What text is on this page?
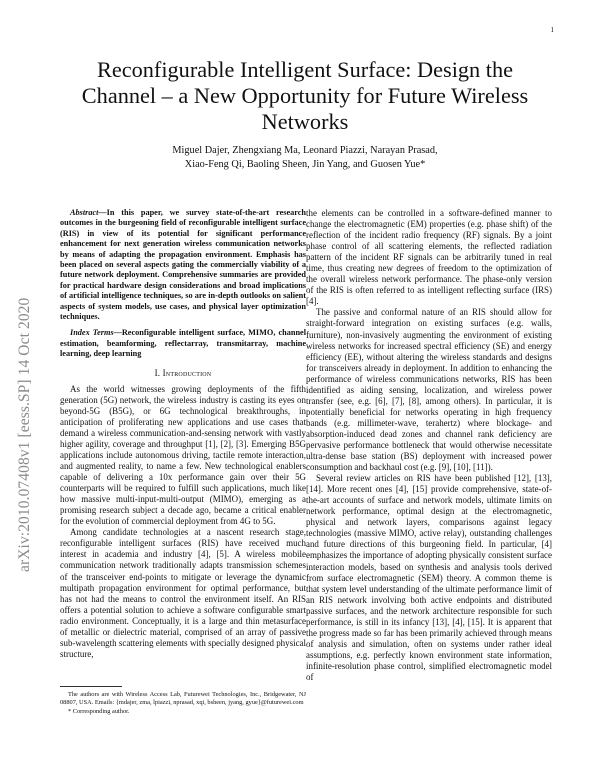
1
arXiv:2010.07408v1 [eess.SP] 14 Oct 2020
Reconfigurable Intelligent Surface: Design the
Channel – a New Opportunity for Future Wireless
Networks
Miguel Dajer, Zhengxiang Ma, Leonard Piazzi, Narayan Prasad,
Xiao-Feng Qi, Baoling Sheen, Jin Yang, and Guosen Yue*

Abstract—In this paper, we survey state-of-the-art research outcomes in the burgeoning field of reconfigurable intelligent surface (RIS) in view of its potential for significant performance enhancement for next generation wireless communication networks by means of adapting the propagation environment. Emphasis has been placed on several aspects gating the commercially viability of a future network deployment. Comprehensive summaries are provided for practical hardware design considerations and broad implications of artificial intelligence techniques, so are in-depth outlooks on salient aspects of system models, use cases, and physical layer optimization techniques.

Index Terms—Reconfigurable intelligent surface, MIMO, channel estimation, beamforming, reflectarray, transmitarray, machine learning, deep learning

I. Introduction

As the world witnesses growing deployments of the fifth generation (5G) network, the wireless industry is casting its eyes on beyond-5G (B5G), or 6G technological breakthroughs, in anticipation of proliferating new applications and use cases that demand a wireless communication-and-sensing network with vastly higher agility, coverage and throughput [1], [2], [3]. Emerging B5G applications include autonomous driving, tactile remote interaction, and augmented reality, to name a few. New technological enablers capable of delivering a 10x performance gain over their 5G counterparts will be required to fulfill such applications, much like how massive multi-input-multi-output (MIMO), emerging as a promising research subject a decade ago, became a critical enabler for the evolution of commercial deployment from 4G to 5G.

Among candidate technologies at a nascent research stage, reconfigurable intelligent surfaces (RIS) have received much interest in academia and industry [4], [5]. A wireless mobile communication network traditionally adapts transmission schemes of the transceiver end-points to mitigate or leverage the dynamic multipath propagation environment for optimal performance, but has not had the means to control the environment itself. An RIS offers a potential solution to achieve a software configurable smart radio environment. Conceptually, it is a large and thin metasurface of metallic or dielectric material, comprised of an array of passive sub-wavelength scattering elements with specially designed physical structure,

The authors are with Wireless Access Lab, Futurewei Technologies, Inc., Bridgewater, NJ 08807, USA. Emails: {mdajer, zma, lpiazzi, nprasad, xqi, bsheen, jyang, gyue}@futurewei.com

* Corresponding author.

the elements can be controlled in a software-defined manner to change the electromagnetic (EM) properties (e.g. phase shift) of the reflection of the incident radio frequency (RF) signals. By a joint phase control of all scattering elements, the reflected radiation pattern of the incident RF signals can be arbitrarily tuned in real time, thus creating new degrees of freedom to the optimization of the overall wireless network performance. The phase-only version of the RIS is often referred to as intelligent reflecting surface (IRS) [4].

The passive and conformal nature of an RIS should allow for straight-forward integration on existing surfaces (e.g. walls, furniture), non-invasively augmenting the environment of existing wireless networks for increased spectral efficiency (SE) and energy efficiency (EE), without altering the wireless standards and designs for transceivers already in deployment. In addition to enhancing the performance of wireless communications networks, RIS has been identified as aiding sensing, localization, and wireless power transfer (see, e.g. [6], [7], [8], among others). In particular, it is potentially beneficial for networks operating in high frequency bands (e.g. millimeter-wave, terahertz) where blockage- and absorption-induced dead zones and channel rank deficiency are pervasive performance bottleneck that would otherwise necessitate ultra-dense base station (BS) deployment with increased power consumption and backhaul cost (e.g. [9], [10], [11]).

Several review articles on RIS have been published [12], [13], [14]. More recent ones [4], [15] provide comprehensive, state-of-the-art accounts of surface and network models, ultimate limits on network performance, optimal design at the electromagnetic, physical and network layers, comparisons against legacy technologies (massive MIMO, active relay), outstanding challenges and future directions of this burgeoning field. In particular, [4] emphasizes the importance of adopting physically consistent surface interaction models, based on synthesis and analysis tools derived from surface electromagnetic (SEM) theory. A common theme is that system level understanding of the ultimate performance limit of an RIS network involving both active endpoints and distributed passive surfaces, and the network architecture responsible for such performance, is still in its infancy [13], [4], [15]. It is apparent that the progress made so far has been primarily achieved through means of analysis and simulation, often on systems under rather ideal assumptions, e.g. perfectly known environment state information, infinite-resolution phase control, simplified electromagnetic model of
